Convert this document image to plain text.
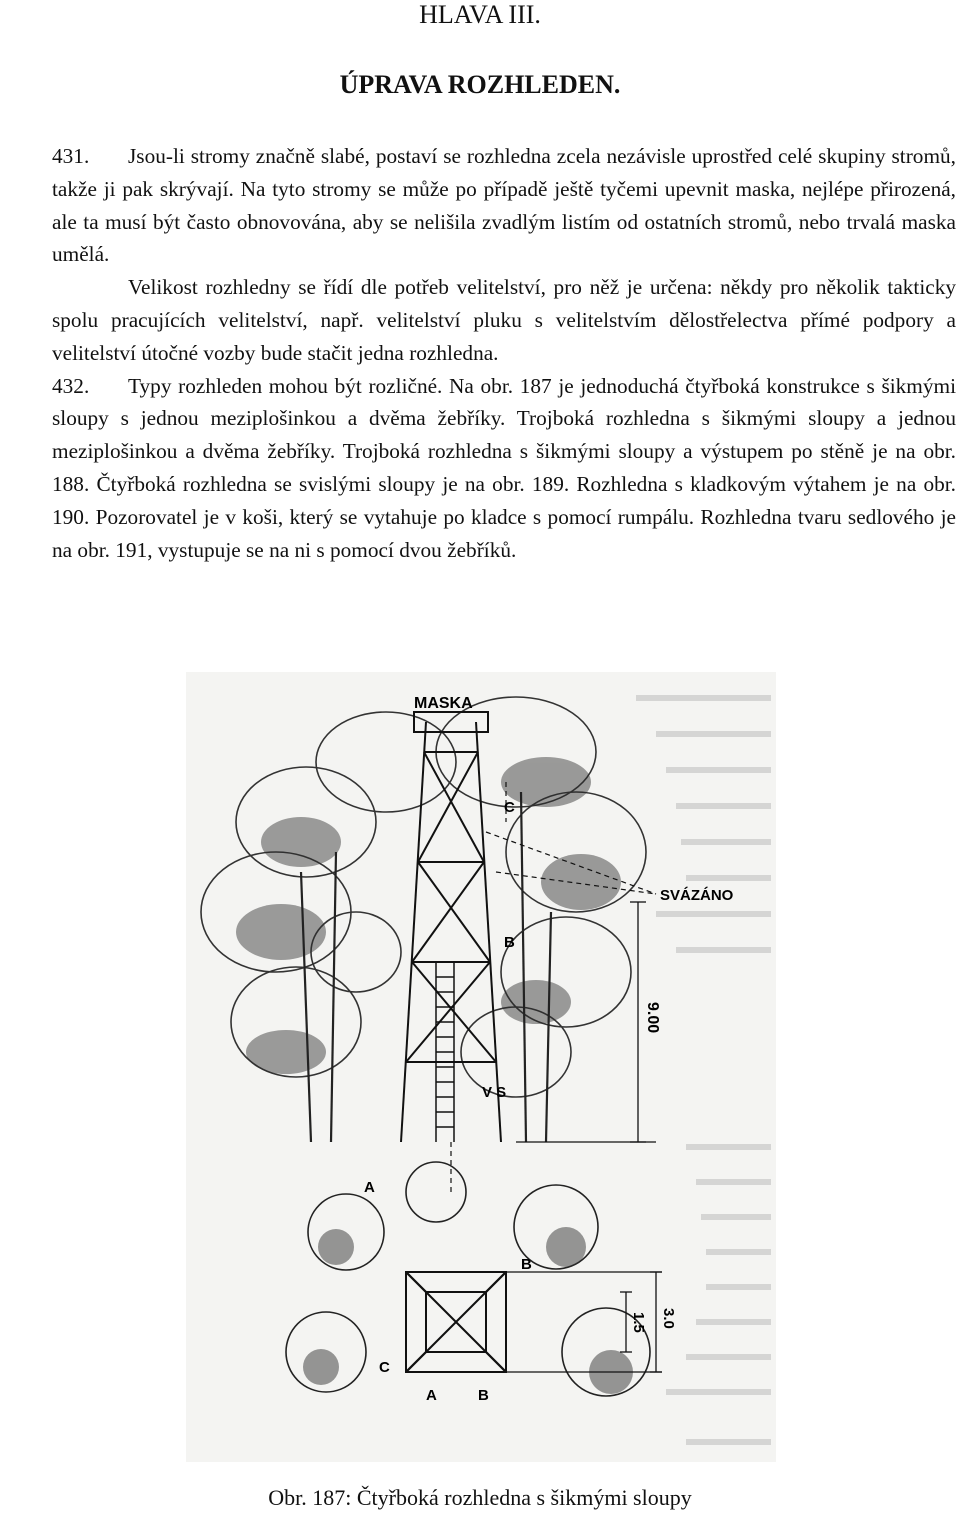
HLAVA III.
ÚPRAVA ROZHLEDEN.

431. Jsou-li stromy značně slabé, postaví se rozhledna zcela nezávisle uprostřed celé skupiny stromů, takže ji pak skrývají. Na tyto stromy se může po případě ještě tyčemi upevnit maska, nejlépe přirozená, ale ta musí být často obnovována, aby se nelišila zvadlým listím od ostatních stromů, nebo trvalá maska umělá.

Velikost rozhledny se řídí dle potřeb velitelství, pro něž je určena: někdy pro několik takticky spolu pracujících velitelství, např. velitelství pluku s velitelstvím dělostřelectva přímé podpory a velitelství útočné vozby bude stačit jedna rozhledna.

432. Typy rozhleden mohou být rozličné. Na obr. 187 je jednoduchá čtyřboká konstrukce s šikmými sloupy s jednou meziplošinkou a dvěma žebříky. Trojboká rozhledna s šikmými sloupy a jednou meziplošinkou a dvěma žebříky. Trojboká rozhledna s šikmými sloupy a výstupem po stěně je na obr. 188. Čtyřboká rozhledna se svislými sloupy je na obr. 189. Rozhledna s kladkovým výtahem je na obr. 190. Pozorovatel je v koši, který se vytahuje po kladce s pomocí rumpálu. Rozhledna tvaru sedlového je na obr. 191, vystupuje se na ni s pomocí dvou žebříků.

9.00
MASKA
SVÁZÁNO
C
B
V S
A
1.5 3.0
B
C
A	B
Obr. 187: Čtyřboká rozhledna s šikmými sloupy
